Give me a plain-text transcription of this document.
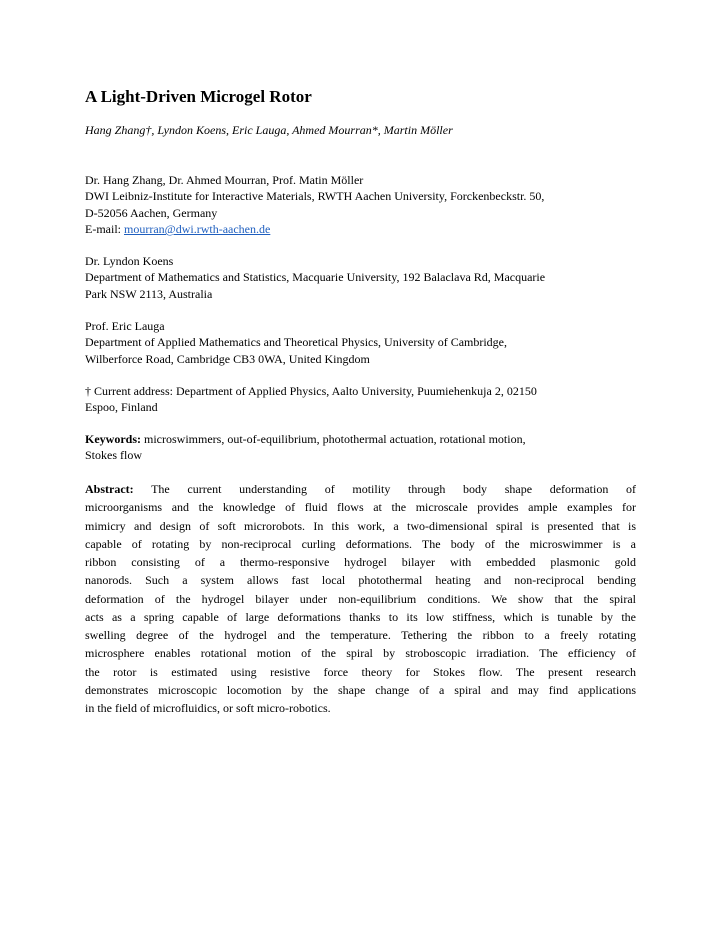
A Light-Driven Microgel Rotor
Hang Zhang†, Lyndon Koens, Eric Lauga, Ahmed Mourran*, Martin Möller
Dr. Hang Zhang, Dr. Ahmed Mourran, Prof. Matin Möller
DWI Leibniz-Institute for Interactive Materials, RWTH Aachen University, Forckenbeckstr. 50,
D-52056 Aachen, Germany
E-mail: mourran@dwi.rwth-aachen.de
Dr. Lyndon Koens
Department of Mathematics and Statistics, Macquarie University, 192 Balaclava Rd, Macquarie
Park NSW 2113, Australia
Prof. Eric Lauga
Department of Applied Mathematics and Theoretical Physics, University of Cambridge,
Wilberforce Road, Cambridge CB3 0WA, United Kingdom
† Current address: Department of Applied Physics, Aalto University, Puumiehenkuja 2, 02150
Espoo, Finland
Keywords: microswimmers, out-of-equilibrium, photothermal actuation, rotational motion,
Stokes flow
Abstract: The current understanding of motility through body shape deformation of
microorganisms and the knowledge of fluid flows at the microscale provides ample examples for
mimicry and design of soft microrobots. In this work, a two-dimensional spiral is presented that is
capable of rotating by non-reciprocal curling deformations. The body of the microswimmer is a
ribbon consisting of a thermo-responsive hydrogel bilayer with embedded plasmonic gold
nanorods. Such a system allows fast local photothermal heating and non-reciprocal bending
deformation of the hydrogel bilayer under non-equilibrium conditions. We show that the spiral
acts as a spring capable of large deformations thanks to its low stiffness, which is tunable by the
swelling degree of the hydrogel and the temperature. Tethering the ribbon to a freely rotating
microsphere enables rotational motion of the spiral by stroboscopic irradiation. The efficiency of
the rotor is estimated using resistive force theory for Stokes flow. The present research
demonstrates microscopic locomotion by the shape change of a spiral and may find applications
in the field of microfluidics, or soft micro-robotics.
